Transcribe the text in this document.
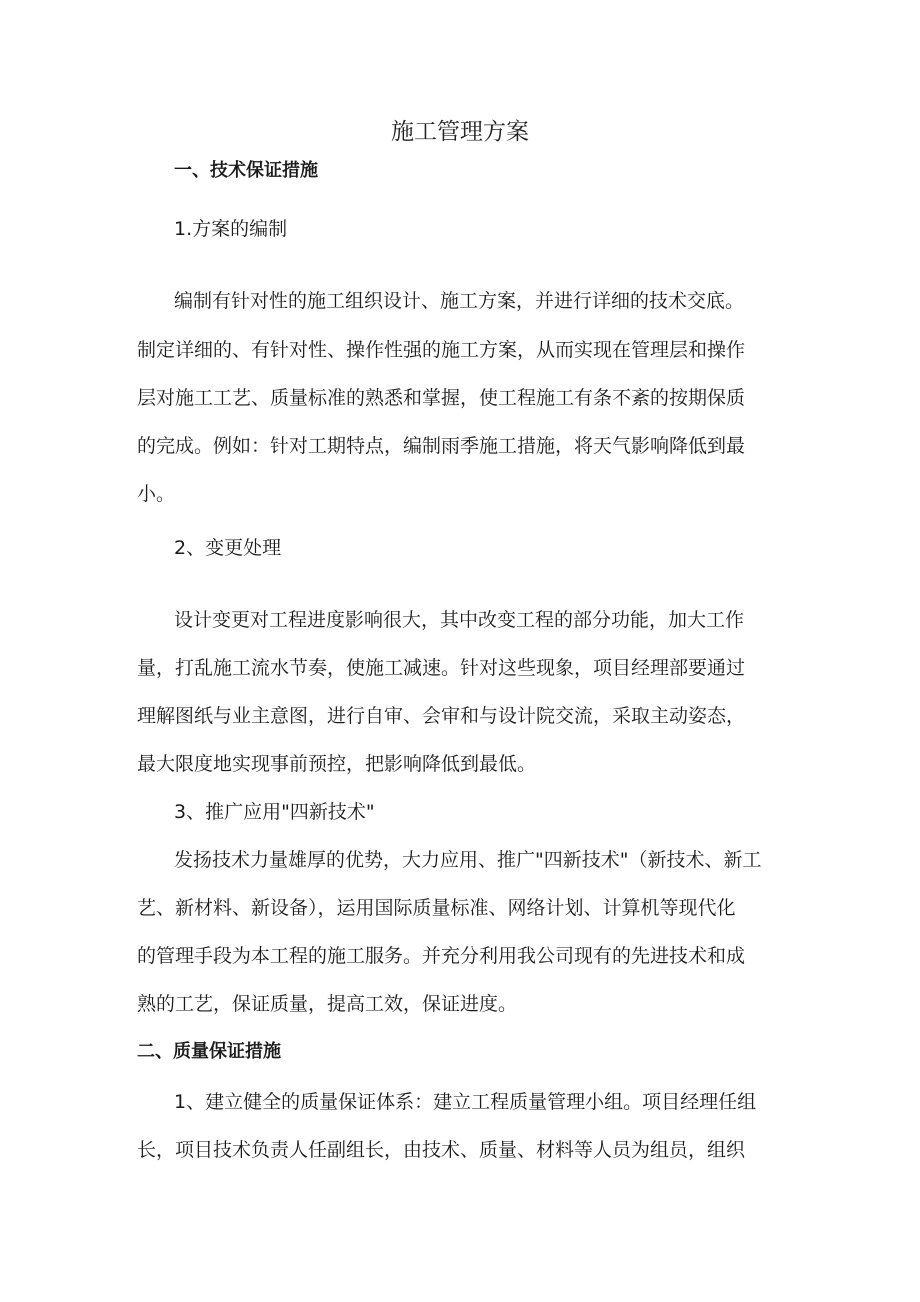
施工管理方案
一、技术保证措施
1.方案的编制
编制有针对性的施工组织设计、施工方案，并进行详细的技术交底。
制定详细的、有针对性、操作性强的施工方案，从而实现在管理层和操作
层对施工工艺、质量标准的熟悉和掌握，使工程施工有条不紊的按期保质
的完成。例如：针对工期特点，编制雨季施工措施，将天气影响降低到最
小。
2、变更处理
设计变更对工程进度影响很大，其中改变工程的部分功能，加大工作
量，打乱施工流水节奏，使施工减速。针对这些现象，项目经理部要通过
理解图纸与业主意图，进行自审、会审和与设计院交流，采取主动姿态，
最大限度地实现事前预控，把影响降低到最低。
3、推广应用"四新技术"
发扬技术力量雄厚的优势，大力应用、推广"四新技术"（新技术、新工
艺、新材料、新设备），运用国际质量标准、网络计划、计算机等现代化
的管理手段为本工程的施工服务。并充分利用我公司现有的先进技术和成
熟的工艺，保证质量，提高工效，保证进度。
二、质量保证措施
1、建立健全的质量保证体系：建立工程质量管理小组。项目经理任组
长，项目技术负责人任副组长，由技术、质量、材料等人员为组员，组织
